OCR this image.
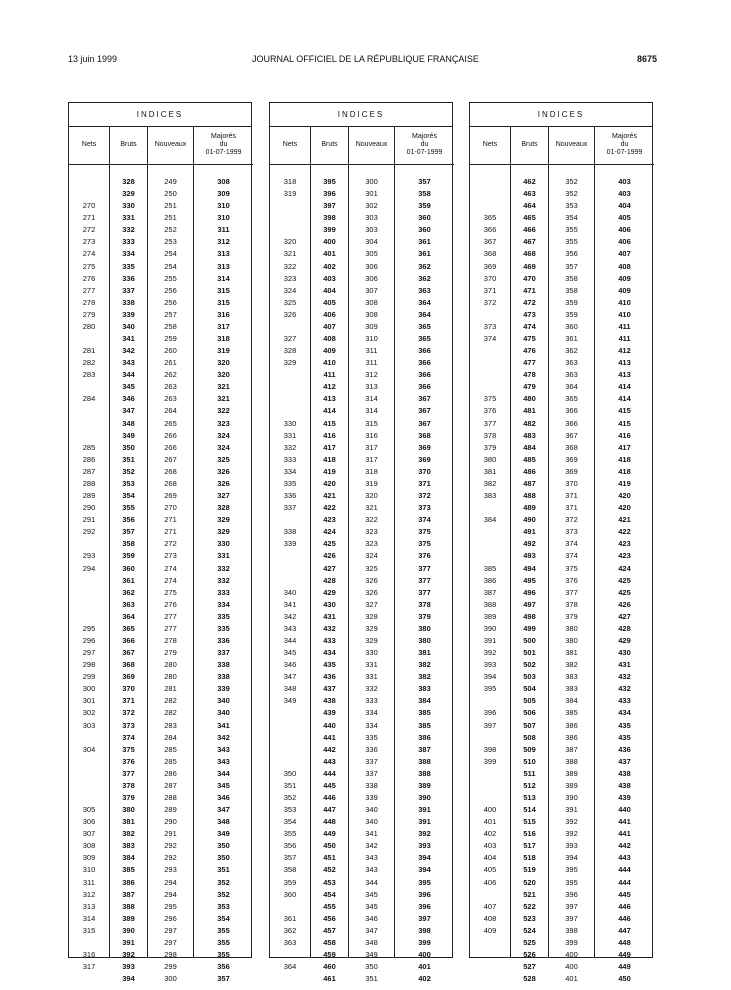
13 juin 1999	JOURNAL OFFICIEL DE LA RÉPUBLIQUE FRANÇAISE	8675
INDICES
Nets
270
271
272
273
274
275
276
277
278
279
280
281
282
283
284
285
286
287
288
289
290
291
292
293
294
295
296
297
298
299
300
301
302
303
304
305
306
307
308
309
310
311
312
313
314
315
316
317
Bruts
328
329
330
331
332
333
334
335
336
337
338
339
340
341
342
343
344
345
346
347
348
349
350
351
352
353
354
355
356
357
358
359
360
361
362
363
364
365
366
367
368
369
370
371
372
373
374
375
376
377
378
379
380
381
382
383
384
385
386
387
388
389
390
391
392
393
394
Nouveaux
249
250
251
251
252
253
254
254
255
256
256
257
258
259
260
261
262
263
263
264
265
266
266
267
268
268
269
270
271
271
272
273
274
274
275
276
277
277
278
279
280
280
281
282
282
283
284
285
285
286
287
288
289
290
291
292
292
293
294
294
295
296
297
297
298
299
300
Majorés
du
01-07-1999
308
309
310
310
311
312
313
313
314
315
315
316
317
318
319
320
320
321
321
322
323
324
324
325
326
326
327
328
329
329
330
331
332
332
333
334
335
335
336
337
338
338
339
340
340
341
342
343
343
344
345
346
347
348
349
350
350
351
352
352
353
354
355
355
355
356
357
INDICES
Nets
318
319
320
321
322
323
324
325
326
327
328
329
330
331
332
333
334
335
336
337
338
339
340
341
342
343
344
345
346
347
348
349
350
351
352
353
354
355
356
357
358
359
360
361
362
363
364
Bruts
395
396
397
398
399
400
401
402
403
404
405
406
407
408
409
410
411
412
413
414
415
416
417
418
419
420
421
422
423
424
425
426
427
428
429
430
431
432
433
434
435
436
437
438
439
440
441
442
443
444
445
446
447
448
449
450
451
452
453
454
455
456
457
458
459
460
461
Nouveaux
300
301
302
303
303
304
305
306
306
307
308
308
309
310
311
311
312
313
314
314
315
316
317
317
318
319
320
321
322
323
323
324
325
326
326
327
328
329
329
330
331
331
332
333
334
334
335
336
337
337
338
339
340
340
341
342
343
343
344
345
345
346
347
348
349
350
351
Majorés
du
01-07-1999
357
358
359
360
360
361
361
362
362
363
364
364
365
365
366
366
366
366
367
367
367
368
369
369
370
371
372
373
374
375
375
376
377
377
377
378
379
380
380
381
382
382
383
384
385
385
386
387
388
388
389
390
391
391
392
393
394
394
395
396
396
397
398
399
400
401
402
INDICES
Nets
365
366
367
368
369
370
371
372
373
374
375
376
377
378
379
380
381
382
383
384
385
386
387
388
389
390
391
392
393
394
395
396
397
398
399
400
401
402
403
404
405
406
407
408
409
Bruts
462
463
464
465
466
467
468
469
470
471
472
473
474
475
476
477
478
479
480
481
482
483
484
485
486
487
488
489
490
491
492
493
494
495
496
497
498
499
500
501
502
503
504
505
506
507
508
509
510
511
512
513
514
515
516
517
518
519
520
521
522
523
524
525
526
527
528
Nouveaux
352
352
353
354
355
355
356
357
358
358
359
359
360
361
362
363
363
364
365
366
366
367
368
369
369
370
371
371
372
373
374
374
375
376
377
378
379
380
380
381
382
383
383
384
385
386
386
387
388
389
389
390
391
392
392
393
394
395
395
396
397
397
398
399
400
400
401
Majorés
du
01-07-1999
403
403
404
405
406
406
407
408
409
409
410
410
411
411
412
413
413
414
414
415
415
416
417
418
418
419
420
420
421
422
423
423
424
425
425
426
427
428
429
430
431
432
432
433
434
435
435
436
437
438
438
439
440
441
441
442
443
444
444
445
446
446
447
448
449
449
450
